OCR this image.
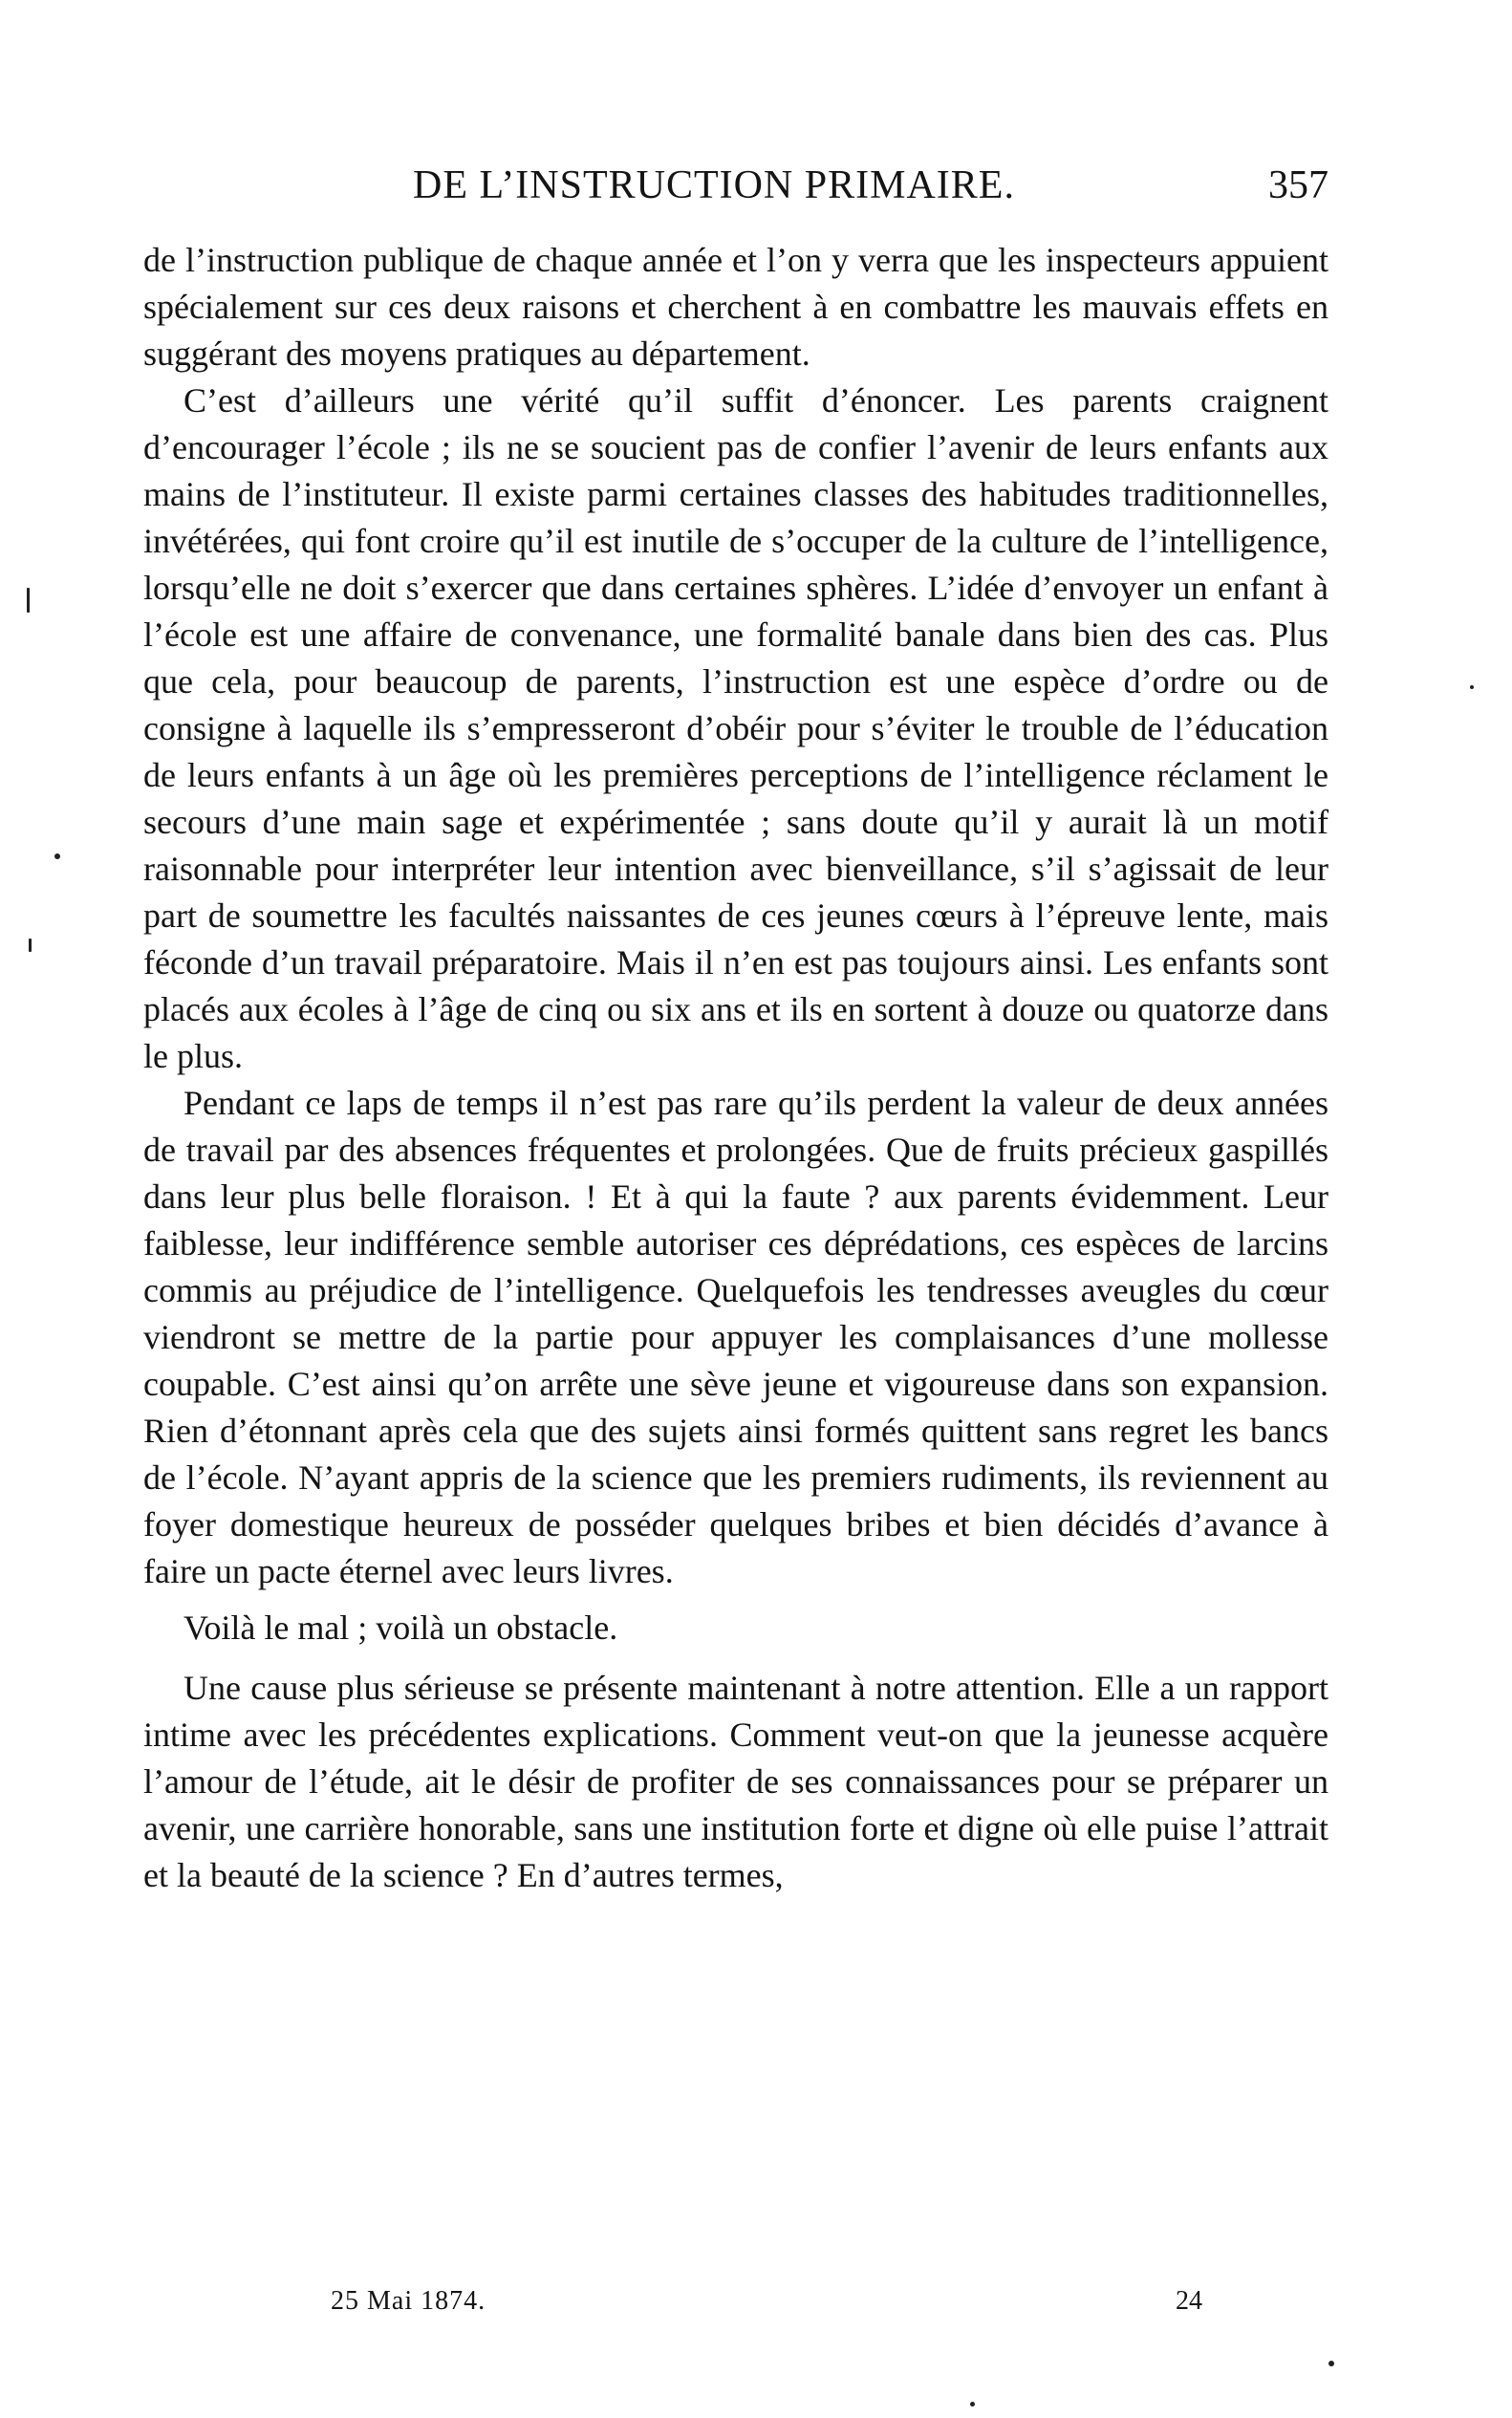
DE L’INSTRUCTION PRIMAIRE.	357

de l’instruction publique de chaque année et l’on y verra que les inspecteurs appuient spécialement sur ces deux raisons et cherchent à en combattre les mauvais effets en suggérant des moyens pratiques au département.

C’est d’ailleurs une vérité qu’il suffit d’énoncer. Les parents craignent d’encourager l’école ; ils ne se soucient pas de confier l’avenir de leurs enfants aux mains de l’instituteur. Il existe parmi certaines classes des habitudes traditionnelles, invétérées, qui font croire qu’il est inutile de s’occuper de la culture de l’intelligence, lorsqu’elle ne doit s’exercer que dans certaines sphères. L’idée d’envoyer un enfant à l’école est une affaire de convenance, une formalité banale dans bien des cas. Plus que cela, pour beaucoup de parents, l’instruction est une espèce d’ordre ou de consigne à laquelle ils s’empresseront d’obéir pour s’éviter le trouble de l’éducation de leurs enfants à un âge où les premières perceptions de l’intelligence réclament le secours d’une main sage et expérimentée ; sans doute qu’il y aurait là un motif raisonnable pour interpréter leur intention avec bienveillance, s’il s’agissait de leur part de soumettre les facultés naissantes de ces jeunes cœurs à l’épreuve lente, mais féconde d’un travail préparatoire. Mais il n’en est pas toujours ainsi. Les enfants sont placés aux écoles à l’âge de cinq ou six ans et ils en sortent à douze ou quatorze dans le plus.

Pendant ce laps de temps il n’est pas rare qu’ils perdent la valeur de deux années de travail par des absences fréquentes et prolongées. Que de fruits précieux gaspillés dans leur plus belle floraison. ! Et à qui la faute ? aux parents évidemment. Leur faiblesse, leur indifférence semble autoriser ces déprédations, ces espèces de larcins commis au préjudice de l’intelligence. Quelquefois les tendresses aveugles du cœur viendront se mettre de la partie pour appuyer les complaisances d’une mollesse coupable. C’est ainsi qu’on arrête une sève jeune et vigoureuse dans son expansion. Rien d’étonnant après cela que des sujets ainsi formés quittent sans regret les bancs de l’école. N’ayant appris de la science que les premiers rudiments, ils reviennent au foyer domestique heureux de posséder quelques bribes et bien décidés d’avance à faire un pacte éternel avec leurs livres.

Voilà le mal ; voilà un obstacle.

Une cause plus sérieuse se présente maintenant à notre attention. Elle a un rapport intime avec les précédentes explications. Comment veut-on que la jeunesse acquère l’amour de l’étude, ait le désir de profiter de ses connaissances pour se préparer un avenir, une carrière honorable, sans une institution forte et digne où elle puise l’attrait et la beauté de la science ? En d’autres termes,

25 Mai 1874.	24
